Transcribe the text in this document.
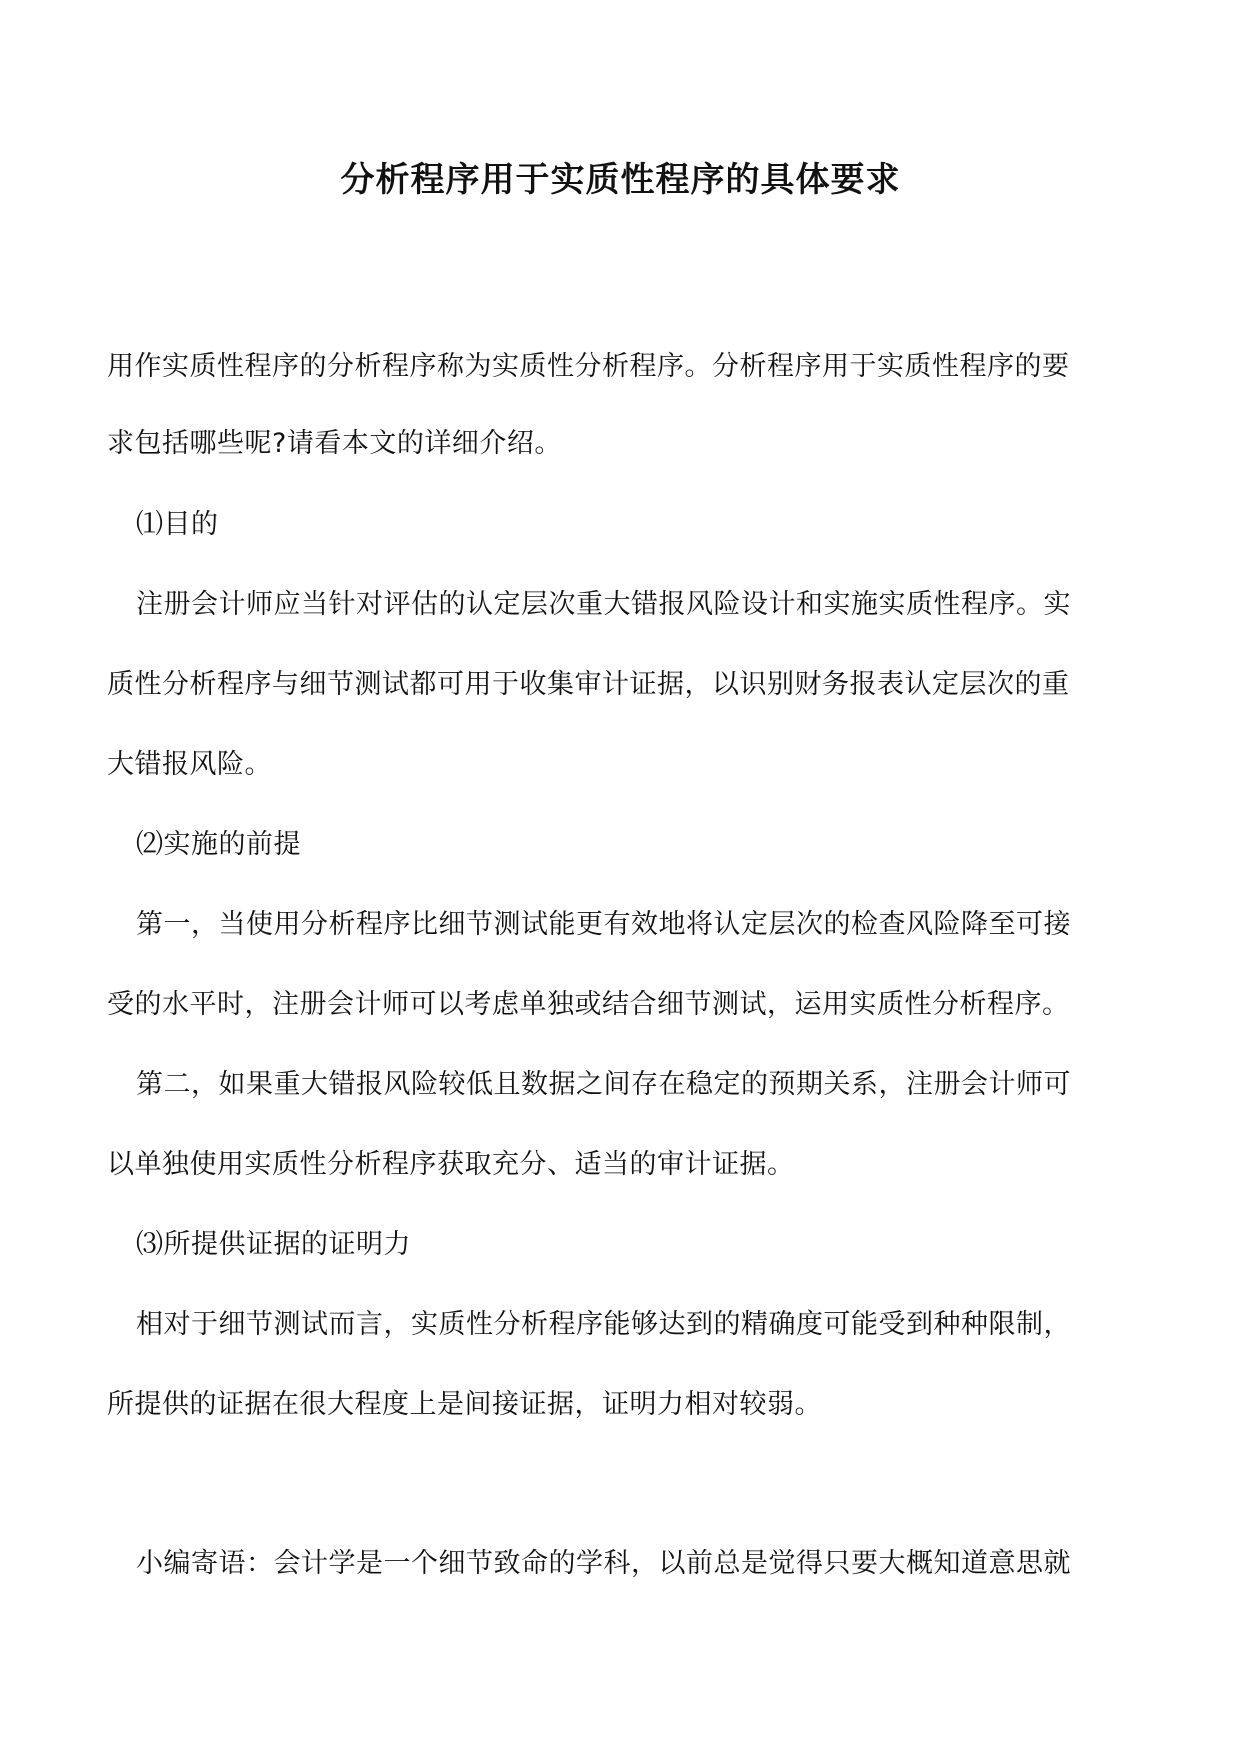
分析程序用于实质性程序的具体要求

用作实质性程序的分析程序称为实质性分析程序。分析程序用于实质性程序的要

求包括哪些呢?请看本文的详细介绍。

⑴目的

注册会计师应当针对评估的认定层次重大错报风险设计和实施实质性程序。实

质性分析程序与细节测试都可用于收集审计证据，以识别财务报表认定层次的重

大错报风险。

⑵实施的前提

第一，当使用分析程序比细节测试能更有效地将认定层次的检查风险降至可接

受的水平时，注册会计师可以考虑单独或结合细节测试，运用实质性分析程序。

第二，如果重大错报风险较低且数据之间存在稳定的预期关系，注册会计师可

以单独使用实质性分析程序获取充分、适当的审计证据。

⑶所提供证据的证明力

相对于细节测试而言，实质性分析程序能够达到的精确度可能受到种种限制，

所提供的证据在很大程度上是间接证据，证明力相对较弱。

小编寄语：会计学是一个细节致命的学科，以前总是觉得只要大概知道意思就
